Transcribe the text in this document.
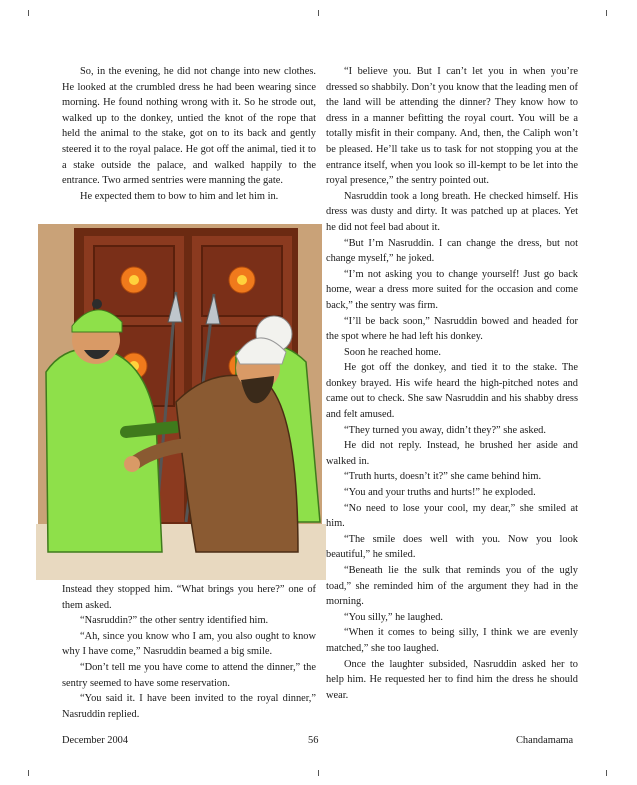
So, in the evening, he did not change into new clothes. He looked at the crumbled dress he had been wearing since morning. He found nothing wrong with it. So he strode out, walked up to the donkey, untied the knot of the rope that held the animal to the stake, got on to its back and gently steered it to the royal palace. He got off the animal, tied it to a stake outside the palace, and walked happily to the entrance. Two armed sentries were manning the gate.

He expected them to bow to him and let him in.

Instead they stopped him. “What brings you here?” one of them asked.

“Nasruddin?” the other sentry identified him.

“Ah, since you know who I am, you also ought to know why I have come,” Nasruddin beamed a big smile.

“Don’t tell me you have come to attend the dinner,” the sentry seemed to have some reservation.

“You said it. I have been invited to the royal dinner,” Nasruddin replied.

“I believe you. But I can’t let you in when you’re dressed so shabbily. Don’t you know that the leading men of the land will be attending the dinner? They know how to dress in a manner befitting the royal court. You will be a totally misfit in their company. And, then, the Caliph won’t be pleased. He’ll take us to task for not stopping you at the entrance itself, when you look so ill-kempt to be let into the royal presence,” the sentry pointed out.

Nasruddin took a long breath. He checked himself. His dress was dusty and dirty. It was patched up at places. Yet he did not feel bad about it.

“But I’m Nasruddin. I can change the dress, but not change myself,” he joked.

“I’m not asking you to change yourself! Just go back home, wear a dress more suited for the occasion and come back,” the sentry was firm.

“I’ll be back soon,” Nasruddin bowed and headed for the spot where he had left his donkey.

Soon he reached home.

He got off the donkey, and tied it to the stake. The donkey brayed. His wife heard the high-pitched notes and came out to check. She saw Nasruddin and his shabby dress and felt amused.

“They turned you away, didn’t they?” she asked.

He did not reply. Instead, he brushed her aside and walked in.

“Truth hurts, doesn’t it?” she came behind him.

“You and your truths and hurts!” he exploded.

“No need to lose your cool, my dear,” she smiled at him.

“The smile does well with you. Now you look beautiful,” he smiled.

“Beneath lie the sulk that reminds you of the ugly toad,” she reminded him of the argument they had in the morning.

“You silly,” he laughed.

“When it comes to being silly, I think we are evenly matched,” she too laughed.

Once the laughter subsided, Nasruddin asked her to help him. He requested her to find him the dress he should wear.

December 2004	56	Chandamama
